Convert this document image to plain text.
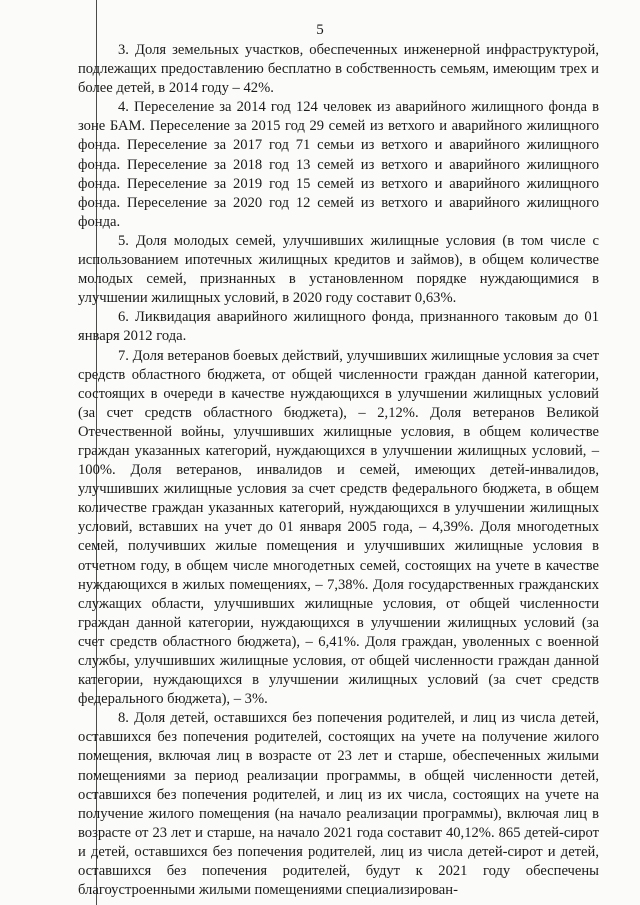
5

3. Доля земельных участков, обеспеченных инженерной инфраструктурой, подлежащих предоставлению бесплатно в собственность семьям, имеющим трех и более детей, в 2014 году – 42%.

4. Переселение за 2014 год 124 человек из аварийного жилищного фонда в зоне БАМ. Переселение за 2015 год 29 семей из ветхого и аварийного жилищного фонда. Переселение за 2017 год 71 семьи из ветхого и аварийного жилищного фонда. Переселение за 2018 год 13 семей из ветхого и аварийного жилищного фонда. Переселение за 2019 год 15 семей из ветхого и аварийного жилищного фонда. Переселение за 2020 год 12 семей из ветхого и аварийного жилищного фонда.

5. Доля молодых семей, улучшивших жилищные условия (в том числе с использованием ипотечных жилищных кредитов и займов), в общем количестве молодых семей, признанных в установленном порядке нуждающимися в улучшении жилищных условий, в 2020 году составит 0,63%.

6. Ликвидация аварийного жилищного фонда, признанного таковым до 01 января 2012 года.

7. Доля ветеранов боевых действий, улучшивших жилищные условия за счет средств областного бюджета, от общей численности граждан данной категории, состоящих в очереди в качестве нуждающихся в улучшении жилищных условий (за счет средств областного бюджета), – 2,12%. Доля ветеранов Великой Отечественной войны, улучшивших жилищные условия, в общем количестве граждан указанных категорий, нуждающихся в улучшении жилищных условий, – 100%. Доля ветеранов, инвалидов и семей, имеющих детей-инвалидов, улучшивших жилищные условия за счет средств федерального бюджета, в общем количестве граждан указанных категорий, нуждающихся в улучшении жилищных условий, вставших на учет до 01 января 2005 года, – 4,39%. Доля многодетных семей, получивших жилые помещения и улучшивших жилищные условия в отчетном году, в общем числе многодетных семей, состоящих на учете в качестве нуждающихся в жилых помещениях, – 7,38%. Доля государственных гражданских служащих области, улучшивших жилищные условия, от общей численности граждан данной категории, нуждающихся в улучшении жилищных условий (за счет средств областного бюджета), – 6,41%. Доля граждан, уволенных с военной службы, улучшивших жилищные условия, от общей численности граждан данной категории, нуждающихся в улучшении жилищных условий (за счет средств федерального бюджета), – 3%.

8. Доля детей, оставшихся без попечения родителей, и лиц из числа детей, оставшихся без попечения родителей, состоящих на учете на получение жилого помещения, включая лиц в возрасте от 23 лет и старше, обеспеченных жилыми помещениями за период реализации программы, в общей численности детей, оставшихся без попечения родителей, и лиц из их числа, состоящих на учете на получение жилого помещения (на начало реализации программы), включая лиц в возрасте от 23 лет и старше, на начало 2021 года составит 40,12%. 865 детей-сирот и детей, оставшихся без попечения родителей, лиц из числа детей-сирот и детей, оставшихся без попечения родителей, будут к 2021 году обеспечены благоустроенными жилыми помещениями специализирован-
